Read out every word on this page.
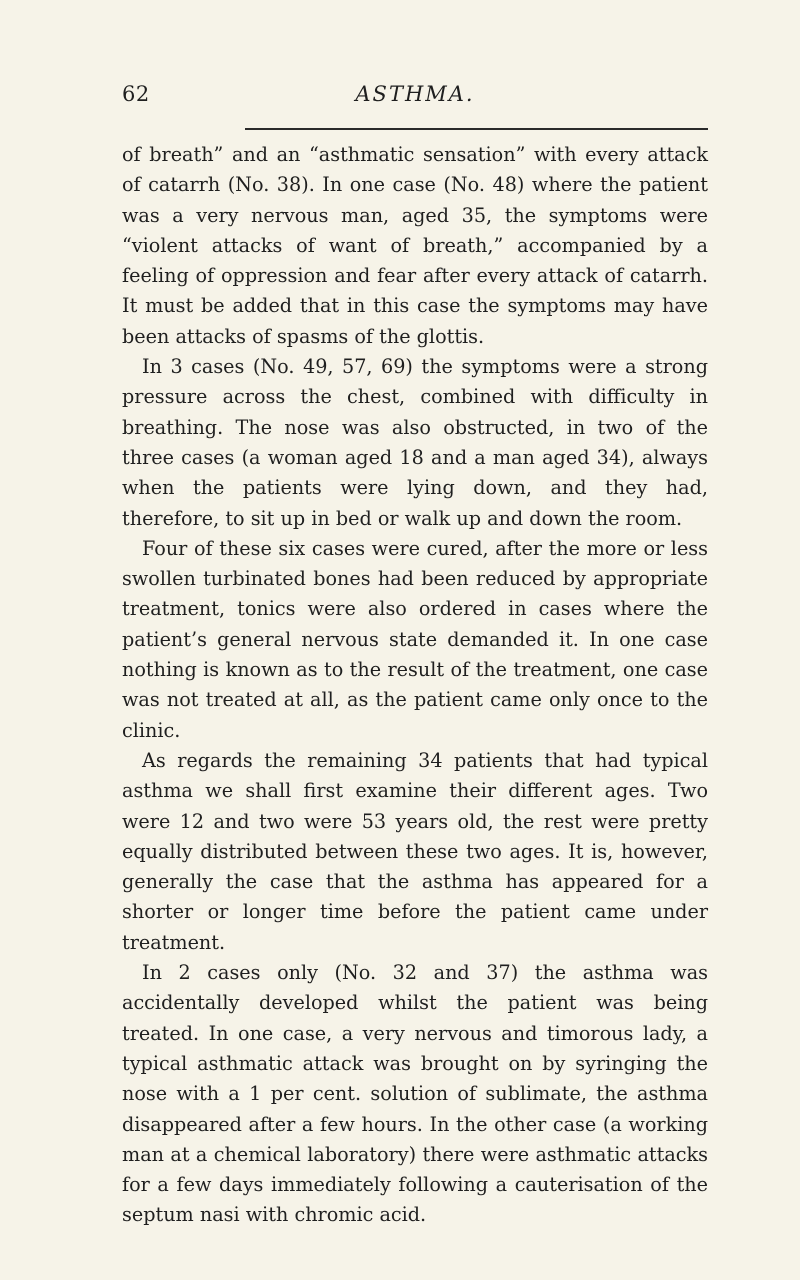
62	ASTHMA.

of breath” and an “asthmatic sensation” with every attack of catarrh (No. 38). In one case (No. 48) where the patient was a very nervous man, aged 35, the symptoms were “violent attacks of want of breath,” accompanied by a feeling of oppression and fear after every attack of catarrh. It must be added that in this case the symptoms may have been attacks of spasms of the glottis.

In 3 cases (No. 49, 57, 69) the symptoms were a strong pressure across the chest, combined with difficulty in breathing. The nose was also obstructed, in two of the three cases (a woman aged 18 and a man aged 34), always when the patients were lying down, and they had, therefore, to sit up in bed or walk up and down the room.

Four of these six cases were cured, after the more or less swollen turbinated bones had been reduced by appropriate treatment, tonics were also ordered in cases where the patient’s general nervous state demanded it. In one case nothing is known as to the result of the treatment, one case was not treated at all, as the patient came only once to the clinic.

As regards the remaining 34 patients that had typical asthma we shall first examine their different ages. Two were 12 and two were 53 years old, the rest were pretty equally distributed between these two ages. It is, however, generally the case that the asthma has appeared for a shorter or longer time before the patient came under treatment.

In 2 cases only (No. 32 and 37) the asthma was accidentally developed whilst the patient was being treated. In one case, a very nervous and timorous lady, a typical asthmatic attack was brought on by syringing the nose with a 1 per cent. solution of sublimate, the asthma disappeared after a few hours. In the other case (a working man at a chemical laboratory) there were asthmatic attacks for a few days immediately following a cauterisation of the septum nasi with chromic acid.
